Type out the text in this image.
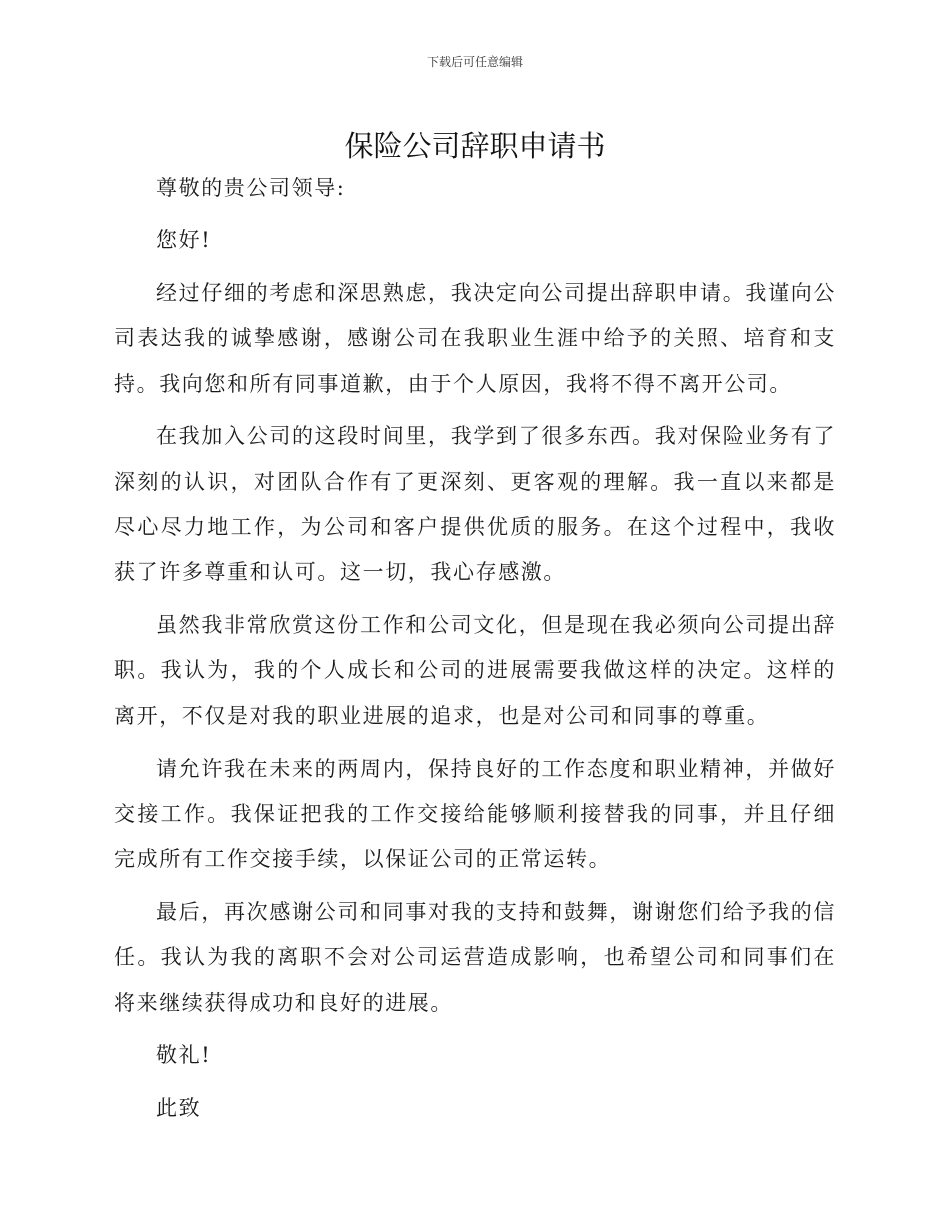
下载后可任意编辑
保险公司辞职申请书

尊敬的贵公司领导:

您好!

经过仔细的考虑和深思熟虑，我决定向公司提出辞职申请。我谨向公司表达我的诚挚感谢，感谢公司在我职业生涯中给予的关照、培育和支持。我向您和所有同事道歉，由于个人原因，我将不得不离开公司。

在我加入公司的这段时间里，我学到了很多东西。我对保险业务有了深刻的认识，对团队合作有了更深刻、更客观的理解。我一直以来都是尽心尽力地工作，为公司和客户提供优质的服务。在这个过程中，我收获了许多尊重和认可。这一切，我心存感激。

虽然我非常欣赏这份工作和公司文化，但是现在我必须向公司提出辞职。我认为，我的个人成长和公司的进展需要我做这样的决定。这样的离开，不仅是对我的职业进展的追求，也是对公司和同事的尊重。

请允许我在未来的两周内，保持良好的工作态度和职业精神，并做好交接工作。我保证把我的工作交接给能够顺利接替我的同事，并且仔细完成所有工作交接手续，以保证公司的正常运转。

最后，再次感谢公司和同事对我的支持和鼓舞，谢谢您们给予我的信任。我认为我的离职不会对公司运营造成影响，也希望公司和同事们在将来继续获得成功和良好的进展。

敬礼!

此致
